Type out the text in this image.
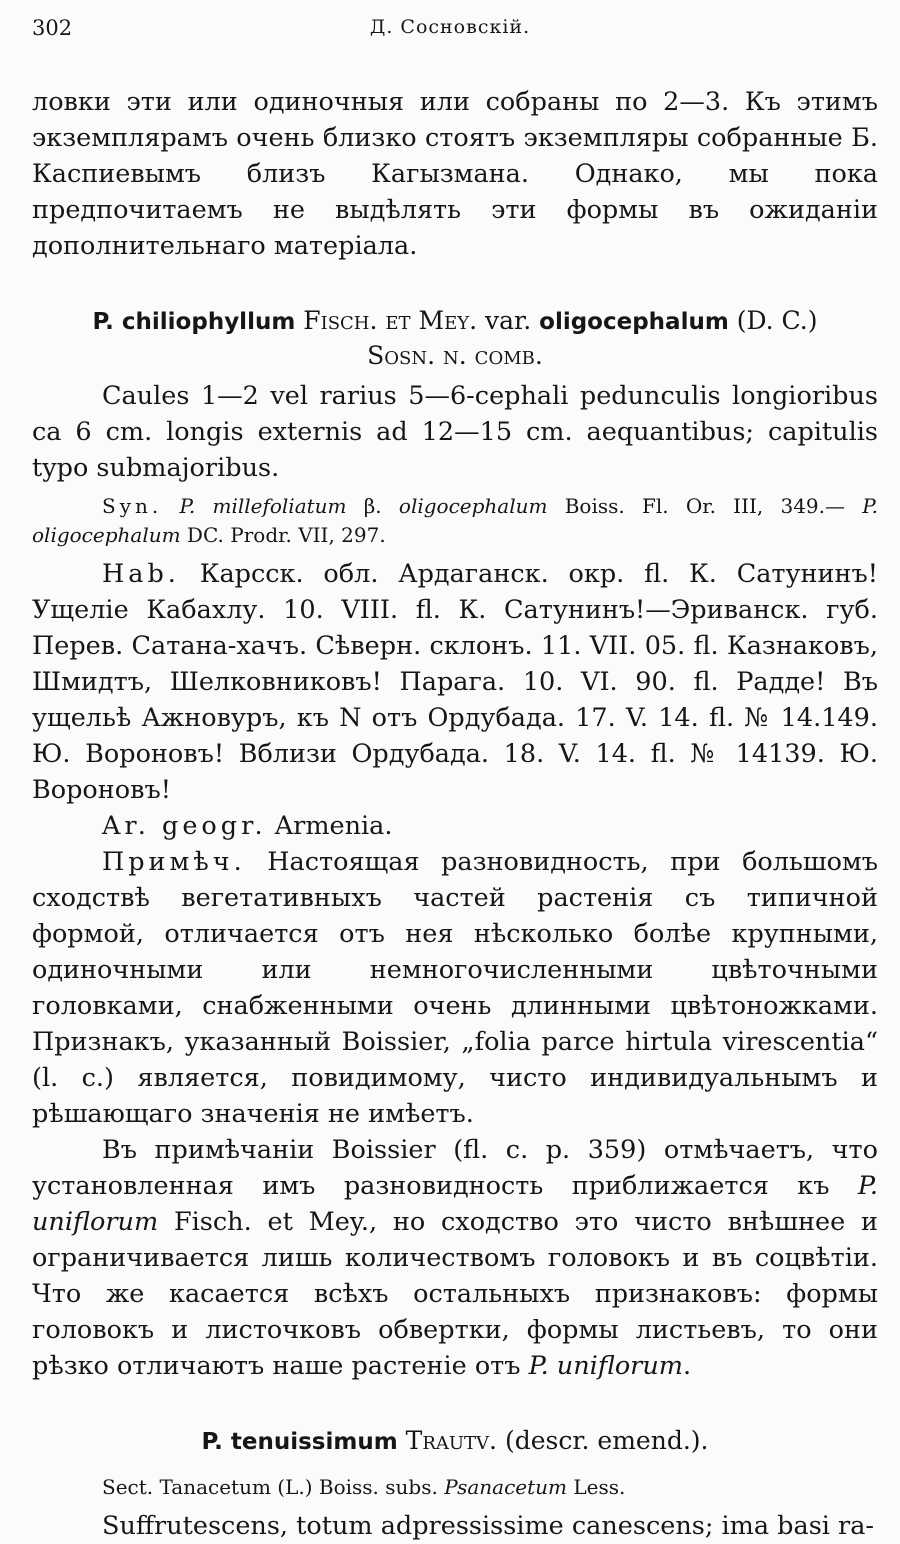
302	Д. Сосновскій.

ловки эти или одиночныя или собраны по 2—3. Къ этимъ экземплярамъ очень близко стоятъ экземпляры собранные Б. Каспиевымъ близъ Кагызмана. Однако, мы пока предпочитаемъ не выдѣлять эти формы въ ожиданіи дополнительнаго матеріала.

P. chiliophyllum Fisch. et Mey. var. oligocephalum (D. C.)
Sosn. n. comb.

Caules 1—2 vel rarius 5—6-cephali pedunculis longioribus ca 6 cm. longis externis ad 12—15 cm. aequantibus; capitulis typo submajoribus.

Syn. P. millefoliatum β. oligocephalum Boiss. Fl. Or. III, 349.— P. oligocephalum DC. Prodr. VII, 297.

Hab. Карсск. обл. Ардаганск. окр. fl. К. Сатунинъ! Ущеліе Кабахлу. 10. VIII. fl. К. Сатунинъ!—Эриванск. губ. Перев. Сатана-хачъ. Сѣверн. склонъ. 11. VII. 05. fl. Казнаковъ, Шмидтъ, Шелковниковъ! Парага. 10. VI. 90. fl. Радде! Въ ущельѣ Ажновуръ, къ N отъ Ордубада. 17. V. 14. fl. № 14.149. Ю. Вороновъ! Вблизи Ордубада. 18. V. 14. fl. № 14139. Ю. Вороновъ!

Ar. geogr. Armenia.

Примѣч. Настоящая разновидность, при большомъ сходствѣ вегетативныхъ частей растенія съ типичной формой, отличается отъ нея нѣсколько болѣе крупными, одиночными или немногочисленными цвѣточными головками, снабженными очень длинными цвѣтоножками. Признакъ, указанный Boissier, „folia parce hirtula virescentia“ (l. c.) является, повидимому, чисто индивидуальнымъ и рѣшающаго значенія не имѣетъ.

Въ примѣчаніи Boissier (fl. c. p. 359) отмѣчаетъ, что установленная имъ разновидность приближается къ P. uniflorum Fisch. et Mey., но сходство это чисто внѣшнее и ограничивается лишь количествомъ головокъ и въ соцвѣтіи. Что же касается всѣхъ остальныхъ признаковъ: формы головокъ и листочковъ обвертки, формы листьевъ, то они рѣзко отличаютъ наше растеніе отъ P. uniflorum.

P. tenuissimum Trautv. (descr. emend.).

Sect. Tanacetum (L.) Boiss. subs. Psanacetum Less.

Suffrutescens, totum adpressissime canescens; ima basi ra-
